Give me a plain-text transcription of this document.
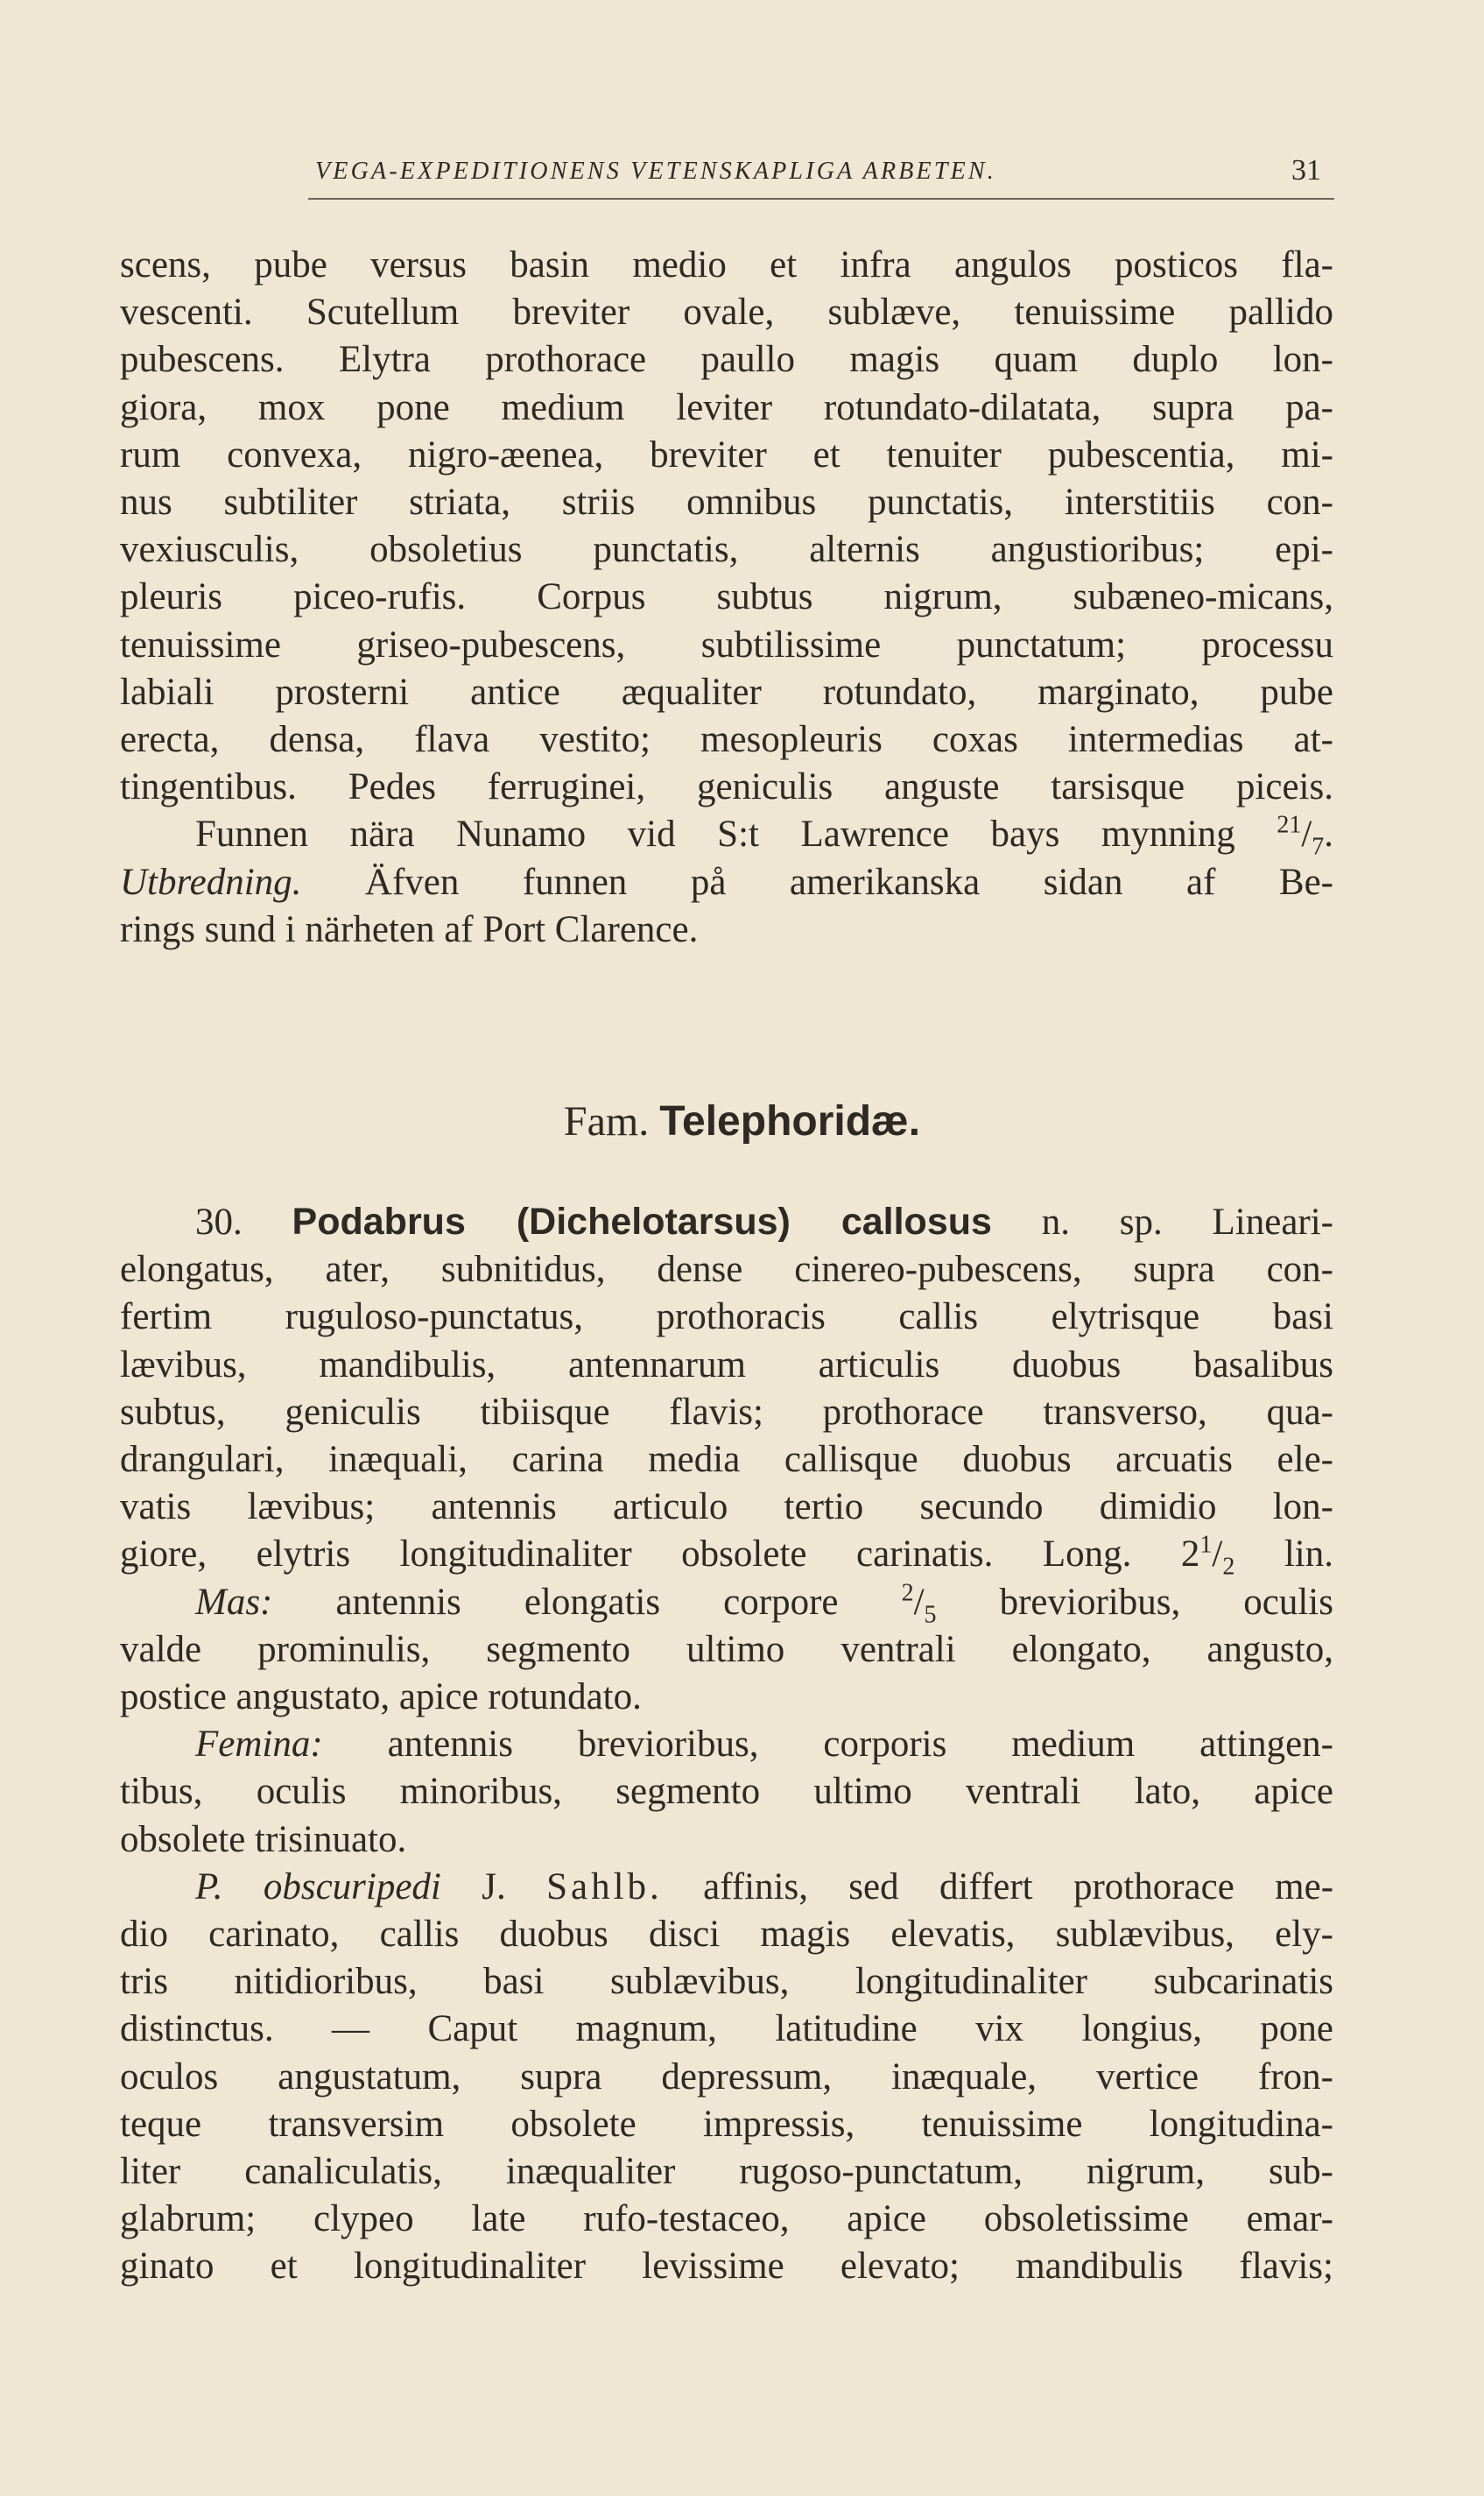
VEGA-EXPEDITIONENS VETENSKAPLIGA ARBETEN.	31

scens, pube versus basin medio et infra angulos posticos fla-

vescenti. Scutellum breviter ovale, sublæve, tenuissime pallido

pubescens. Elytra prothorace paullo magis quam duplo lon-

giora, mox pone medium leviter rotundato-dilatata, supra pa-

rum convexa, nigro-æenea, breviter et tenuiter pubescentia, mi-

nus subtiliter striata, striis omnibus punctatis, interstitiis con-

vexiusculis, obsoletius punctatis, alternis angustioribus; epi-

pleuris piceo-rufis. Corpus subtus nigrum, subæneo-micans,

tenuissime griseo-pubescens, subtilissime punctatum; processu

labiali prosterni antice æqualiter rotundato, marginato, pube

erecta, densa, flava vestito; mesopleuris coxas intermedias at-

tingentibus. Pedes ferruginei, geniculis anguste tarsisque piceis.

Funnen nära Nunamo vid S:t Lawrence bays mynning $^{21}/_7$.

Utbredning. Äfven funnen på amerikanska sidan af Be-

rings sund i närheten af Port Clarence.

Fam. Telephoridæ.

30. Podabrus (Dichelotarsus) callosus n. sp. Lineari-

elongatus, ater, subnitidus, dense cinereo-pubescens, supra con-

fertim ruguloso-punctatus, prothoracis callis elytrisque basi

lævibus, mandibulis, antennarum articulis duobus basalibus

subtus, geniculis tibiisque flavis; prothorace transverso, qua-

drangulari, inæquali, carina media callisque duobus arcuatis ele-

vatis lævibus; antennis articulo tertio secundo dimidio lon-

giore, elytris longitudinaliter obsolete carinatis. Long. $2^1/_2$ lin.

Mas: antennis elongatis corpore $^2/_5$ brevioribus, oculis

valde prominulis, segmento ultimo ventrali elongato, angusto,

postice angustato, apice rotundato.

Femina: antennis brevioribus, corporis medium attingen-

tibus, oculis minoribus, segmento ultimo ventrali lato, apice

obsolete trisinuato.

P. obscuripedi J. Sahlb. affinis, sed differt prothorace me-

dio carinato, callis duobus disci magis elevatis, sublævibus, ely-

tris nitidioribus, basi sublævibus, longitudinaliter subcarinatis

distinctus. — Caput magnum, latitudine vix longius, pone

oculos angustatum, supra depressum, inæquale, vertice fron-

teque transversim obsolete impressis, tenuissime longitudina-

liter canaliculatis, inæqualiter rugoso-punctatum, nigrum, sub-

glabrum; clypeo late rufo-testaceo, apice obsoletissime emar-

ginato et longitudinaliter levissime elevato; mandibulis flavis;
